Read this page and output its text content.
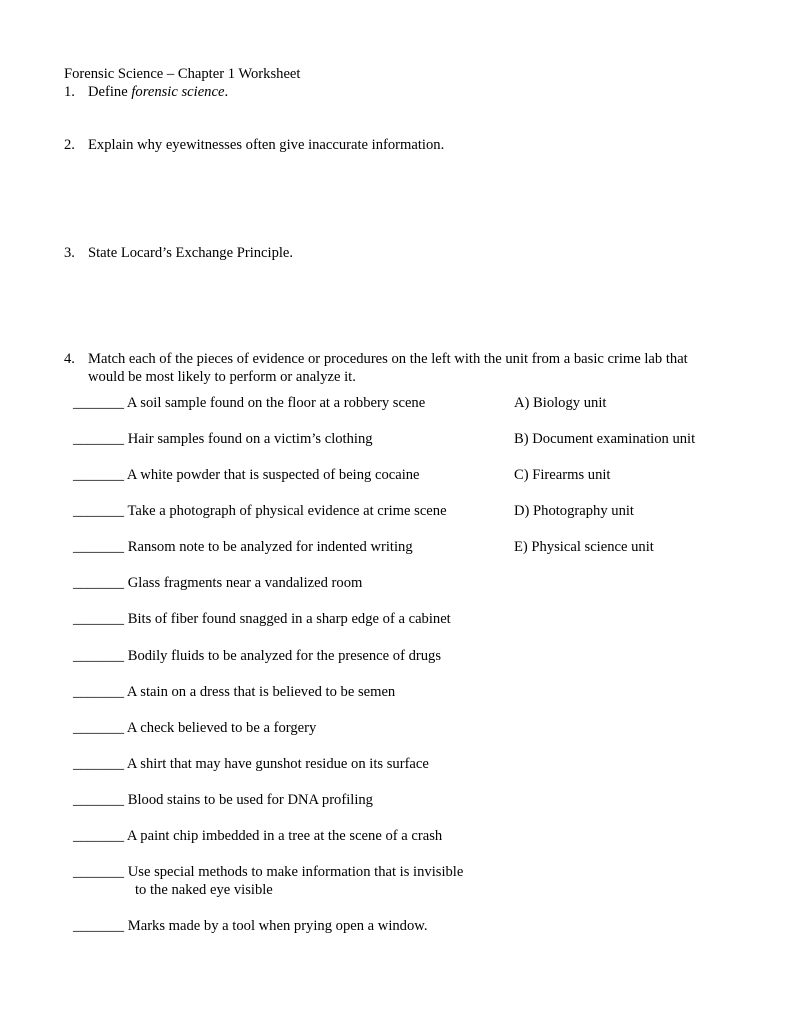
Forensic Science – Chapter 1 Worksheet
1. Define forensic science.
2. Explain why eyewitnesses often give inaccurate information.
3. State Locard’s Exchange Principle.
4. Match each of the pieces of evidence or procedures on the left with the unit from a basic crime lab that
would be most likely to perform or analyze it.
_______ A soil sample found on the floor at a robbery scene
_______ Hair samples found on a victim’s clothing
_______ A white powder that is suspected of being cocaine
_______ Take a photograph of physical evidence at crime scene
_______ Ransom note to be analyzed for indented writing
_______ Glass fragments near a vandalized room
_______ Bits of fiber found snagged in a sharp edge of a cabinet
_______ Bodily fluids to be analyzed for the presence of drugs
_______ A stain on a dress that is believed to be semen
_______ A check believed to be a forgery
_______ A shirt that may have gunshot residue on its surface
_______ Blood stains to be used for DNA profiling
_______ A paint chip imbedded in a tree at the scene of a crash
_______ Use special methods to make information that is invisible
to the naked eye visible
_______ Marks made by a tool when prying open a window.
A) Biology unit
B) Document examination unit
C) Firearms unit
D) Photography unit
E) Physical science unit
